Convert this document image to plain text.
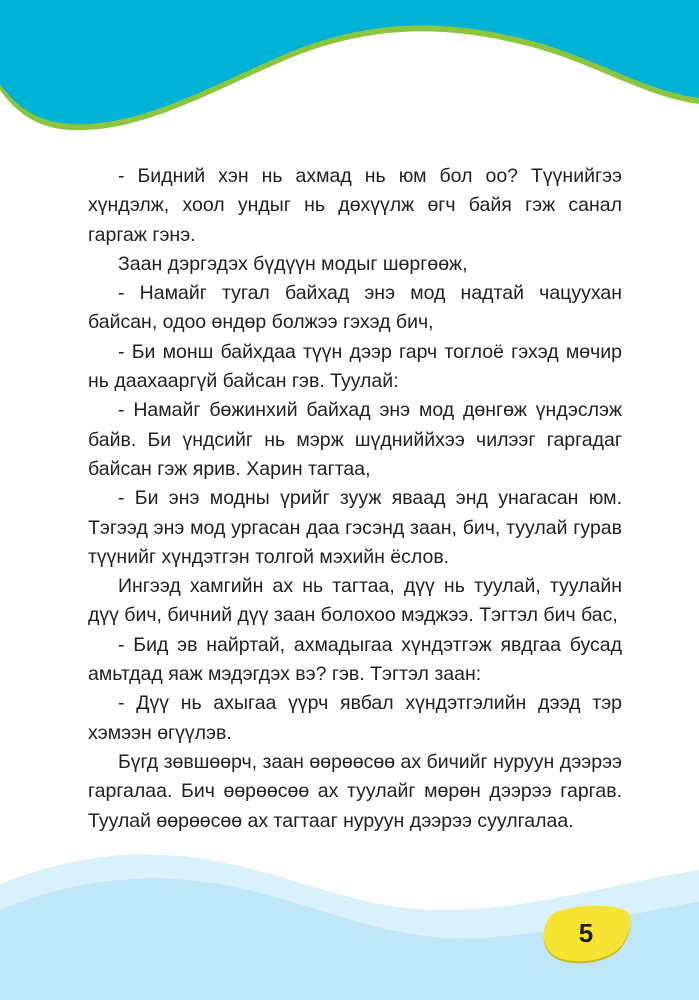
- Бидний хэн нь ахмад нь юм бол оо? Түүнийгээ хүндэлж, хоол ундыг нь дөхүүлж өгч байя гэж санал гаргаж гэнэ.

Заан дэргэдэх бүдүүн модыг шөргөөж,

- Намайг тугал байхад энэ мод надтай чацуухан байсан, одоо өндөр болжээ гэхэд бич,

- Би монш байхдаа түүн дээр гарч тоглоё гэхэд мөчир нь даахааргүй байсан гэв. Туулай:

- Намайг бөжинхий байхад энэ мод дөнгөж үндэслэж байв. Би үндсийг нь мэрж шүдниййхээ чилээг гаргадаг байсан гэж ярив. Харин тагтаа,

- Би энэ модны үрийг зууж яваад энд унагасан юм. Тэгээд энэ мод ургасан даа гэсэнд заан, бич, туулай гурав түүнийг хүндэтгэн толгой мэхийн ёслов.

Ингээд хамгийн ах нь тагтаа, дүү нь туулай, туулайн дүү бич, бичний дүү заан болохоо мэджээ. Тэгтэл бич бас,

- Бид эв найртай, ахмадыгаа хүндэтгэж явдгаа бусад амьтдад яаж мэдэгдэх вэ? гэв. Тэгтэл заан:

- Дүү нь ахыгаа үүрч явбал хүндэтгэлийн дээд тэр хэмээн өгүүлэв.

Бүгд зөвшөөрч, заан өөрөөсөө ах бичийг нуруун дээрээ гаргалаа. Бич өөрөөсөө ах туулайг мөрөн дээрээ гаргав. Туулай өөрөөсөө ах тагтааг нуруун дээрээ суулгалаа.

5
